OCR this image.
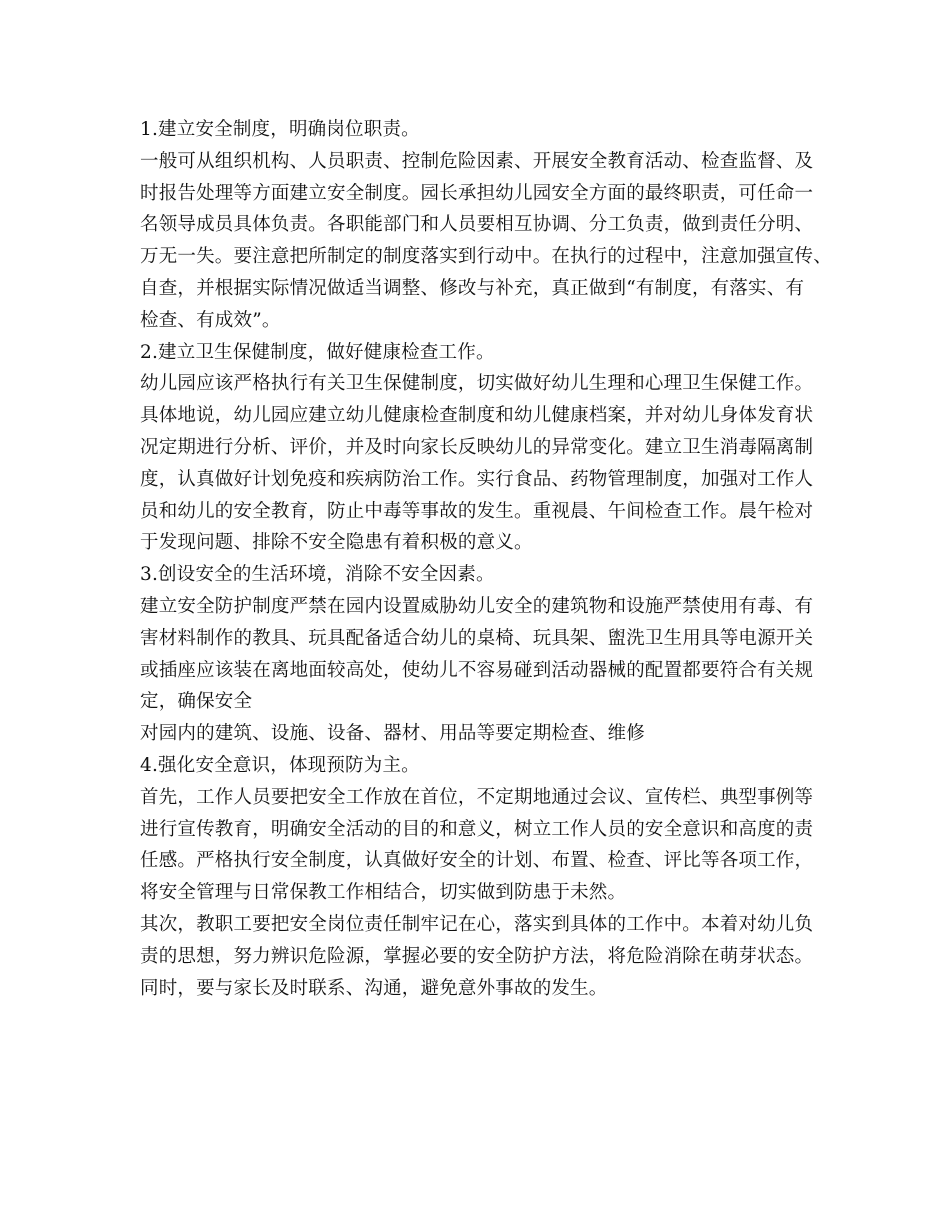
1.建立安全制度，明确岗位职责。
一般可从组织机构、人员职责、控制危险因素、开展安全教育活动、检查监督、及
时报告处理等方面建立安全制度。园长承担幼儿园安全方面的最终职责，可任命一
名领导成员具体负责。各职能部门和人员要相互协调、分工负责，做到责任分明、
万无一失。要注意把所制定的制度落实到行动中。在执行的过程中，注意加强宣传、
自查，并根据实际情况做适当调整、修改与补充，真正做到“有制度，有落实、有
检查、有成效”。
2.建立卫生保健制度，做好健康检查工作。
幼儿园应该严格执行有关卫生保健制度，切实做好幼儿生理和心理卫生保健工作。
具体地说，幼儿园应建立幼儿健康检查制度和幼儿健康档案，并对幼儿身体发育状
况定期进行分析、评价，并及时向家长反映幼儿的异常变化。建立卫生消毒隔离制
度，认真做好计划免疫和疾病防治工作。实行食品、药物管理制度，加强对工作人
员和幼儿的安全教育，防止中毒等事故的发生。重视晨、午间检查工作。晨午检对
于发现问题、排除不安全隐患有着积极的意义。
3.创设安全的生活环境，消除不安全因素。
建立安全防护制度严禁在园内设置威胁幼儿安全的建筑物和设施严禁使用有毒、有
害材料制作的教具、玩具配备适合幼儿的桌椅、玩具架、盥洗卫生用具等电源开关
或插座应该装在离地面较高处，使幼儿不容易碰到活动器械的配置都要符合有关规
定，确保安全
对园内的建筑、设施、设备、器材、用品等要定期检查、维修
4.强化安全意识，体现预防为主。
首先，工作人员要把安全工作放在首位，不定期地通过会议、宣传栏、典型事例等
进行宣传教育，明确安全活动的目的和意义，树立工作人员的安全意识和高度的责
任感。严格执行安全制度，认真做好安全的计划、布置、检查、评比等各项工作，
将安全管理与日常保教工作相结合，切实做到防患于未然。
其次，教职工要把安全岗位责任制牢记在心，落实到具体的工作中。本着对幼儿负
责的思想，努力辨识危险源，掌握必要的安全防护方法，将危险消除在萌芽状态。
同时，要与家长及时联系、沟通，避免意外事故的发生。
